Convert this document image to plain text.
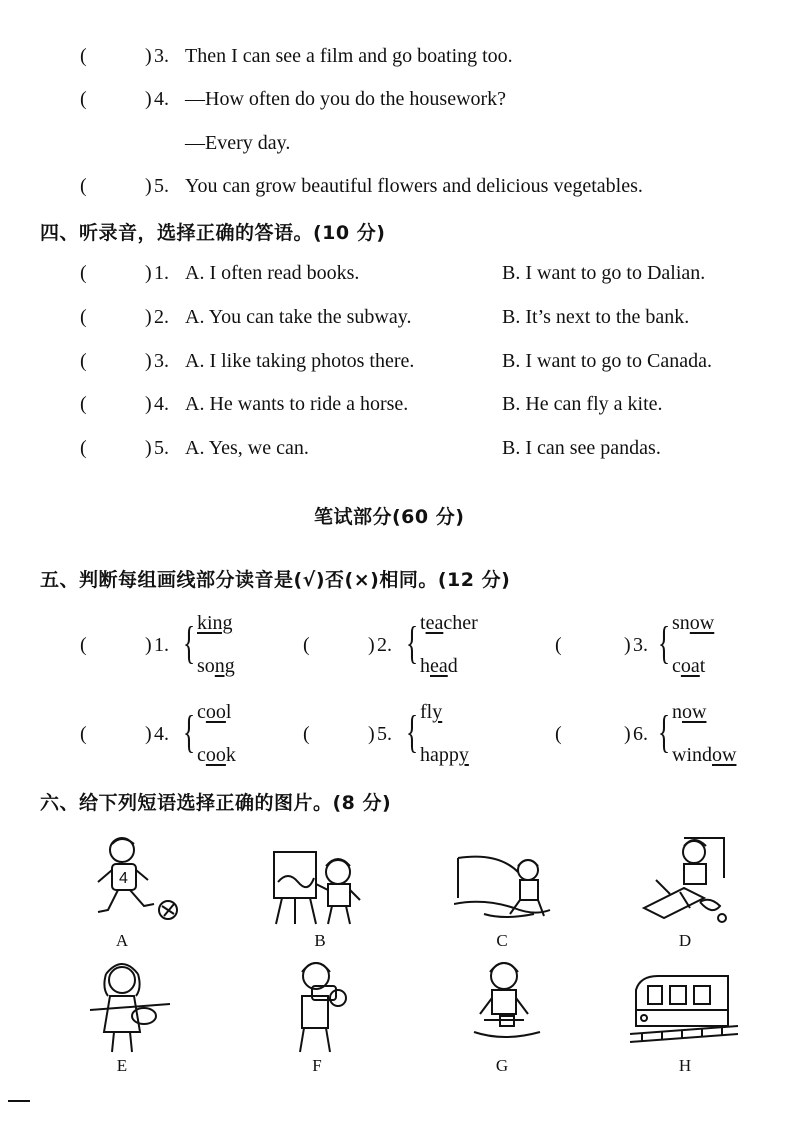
(	) 3. Then I can see a film and go boating too.
(	) 4. —How often do you do the housework?
—Every day.
(	) 5. You can grow beautiful flowers and delicious vegetables.
四、听录音，选择正确的答语。(10 分)
(	) 1. A. I often read books.	B. I want to go to Dalian.
(	) 2. A. You can take the subway.	B. It’s next to the bank.
(	) 3. A. I like taking photos there.	B. I want to go to Canada.
(	) 4. A. He wants to ride a horse.	B. He can fly a kite.
(	) 5. A. Yes, we can.	B. I can see pandas.
笔试部分(60 分)
五、判断每组画线部分读音是(√)否(×)相同。(12 分)
(	) 1. { king
song
(	) 2. { teacher
head
(	) 3. { snow
coat
(	) 4. { cool
cook
(	) 5. { fly
happy
(	) 6. { now
window
六、给下列短语选择正确的图片。(8 分)
4
A	B	C	D
E	F	G	H
